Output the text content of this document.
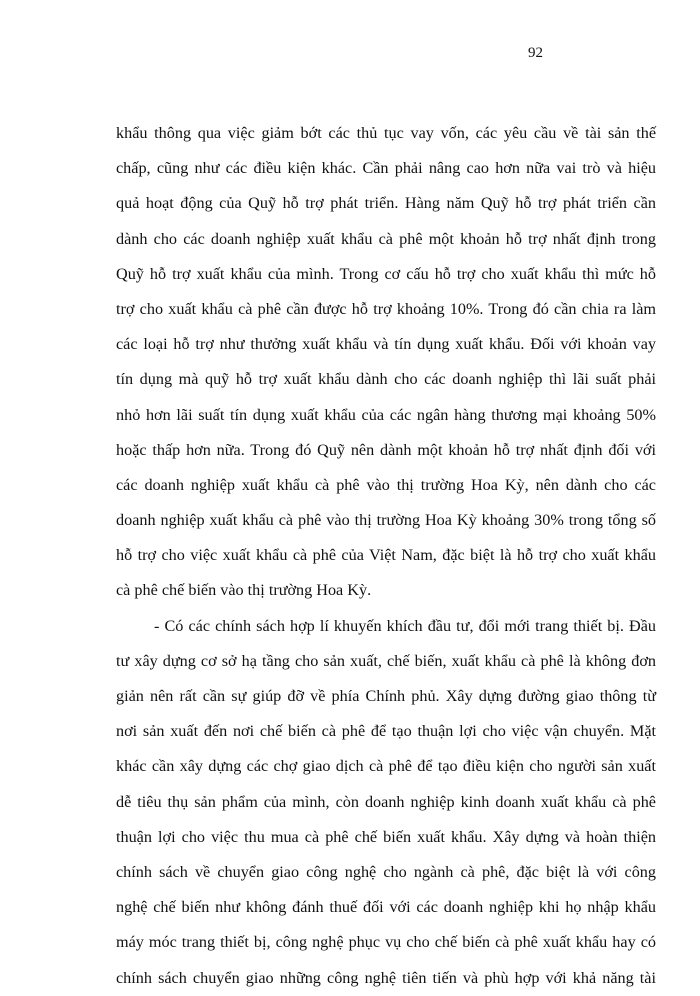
92
khẩu thông qua việc giảm bớt các thủ tục vay vốn, các yêu cầu về tài sản thế
chấp, cũng như các điều kiện khác. Cần phải nâng cao hơn nữa vai trò và hiệu
quả hoạt động của Quỹ hỗ trợ phát triển. Hàng năm Quỹ hỗ trợ phát triển cần
dành cho các doanh nghiệp xuất khẩu cà phê một khoản hỗ trợ nhất định trong
Quỹ hỗ trợ xuất khẩu của mình. Trong cơ cấu hỗ trợ cho xuất khẩu thì mức hỗ
trợ cho xuất khẩu cà phê cần được hỗ trợ khoảng 10%. Trong đó cần chia ra làm
các loại hỗ trợ như thưởng xuất khẩu và tín dụng xuất khẩu. Đối với khoản vay
tín dụng mà quỹ hỗ trợ xuất khẩu dành cho các doanh nghiệp thì lãi suất phải
nhỏ hơn lãi suất tín dụng xuất khẩu của các ngân hàng thương mại khoảng 50%
hoặc thấp hơn nữa. Trong đó Quỹ nên dành một khoản hỗ trợ nhất định đối với
các doanh nghiệp xuất khẩu cà phê vào thị trường Hoa Kỳ, nên dành cho các
doanh nghiệp xuất khẩu cà phê vào thị trường Hoa Kỳ khoảng 30% trong tổng số
hỗ trợ cho việc xuất khẩu cà phê của Việt Nam, đặc biệt là hỗ trợ cho xuất khẩu
cà phê chế biến vào thị trường Hoa Kỳ.
- Có các chính sách hợp lí khuyến khích đầu tư, đổi mới trang thiết bị. Đầu
tư xây dựng cơ sở hạ tầng cho sản xuất, chế biến, xuất khẩu cà phê là không đơn
giản nên rất cần sự giúp đỡ về phía Chính phủ. Xây dựng đường giao thông từ
nơi sản xuất đến nơi chế biến cà phê để tạo thuận lợi cho việc vận chuyển. Mặt
khác cần xây dựng các chợ giao dịch cà phê để tạo điều kiện cho người sản xuất
dễ tiêu thụ sản phẩm của mình, còn doanh nghiệp kinh doanh xuất khẩu cà phê
thuận lợi cho việc thu mua cà phê chế biến xuất khẩu. Xây dựng và hoàn thiện
chính sách về chuyển giao công nghệ cho ngành cà phê, đặc biệt là với công
nghệ chế biến như không đánh thuế đối với các doanh nghiệp khi họ nhập khẩu
máy móc trang thiết bị, công nghệ phục vụ cho chế biến cà phê xuất khẩu hay có
chính sách chuyển giao những công nghệ tiên tiến và phù hợp với khả năng tài
